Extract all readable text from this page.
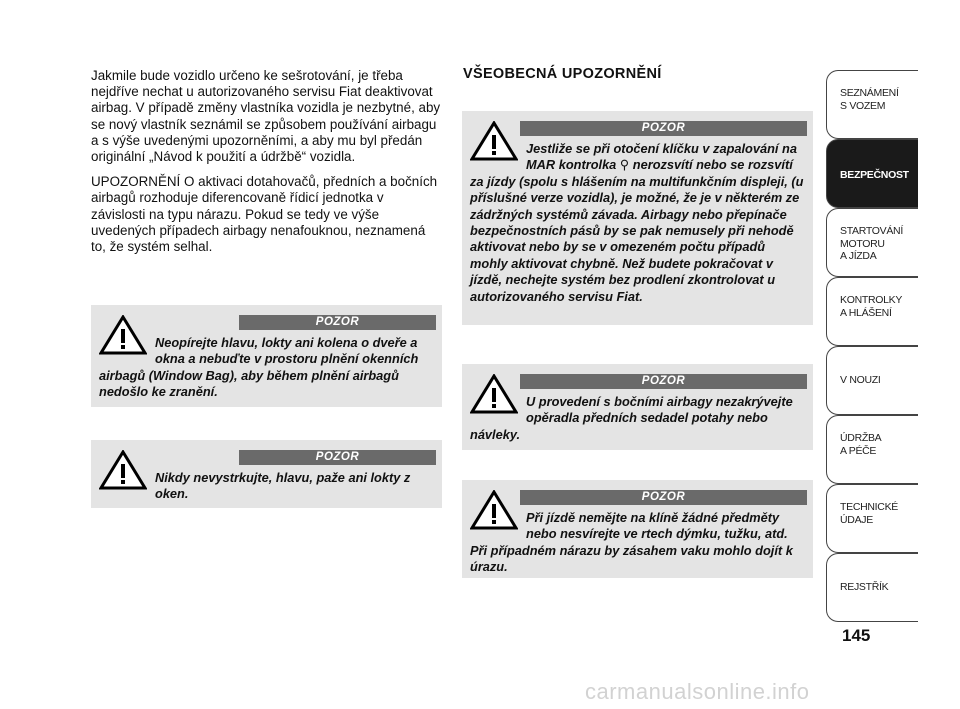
Jakmile bude vozidlo určeno ke sešrotování, je třeba nejdříve nechat u autorizovaného servisu Fiat deaktivovat airbag. V případě změny vlastníka vozidla je nezbytné, aby se nový vlastník seznámil se způsobem používání airbagu a s výše uvedenými upozorněními, a aby mu byl předán originální „Návod k použití a údržbě“ vozidla.

UPOZORNĚNÍ O aktivaci dotahovačů, předních a bočních airbagů rozhoduje diferencovaně řídicí jednotka v závislosti na typu nárazu. Pokud se tedy ve výše uvedených případech airbagy nenafouknou, neznamená to, že systém selhal.

VŠEOBECNÁ UPOZORNĚNÍ
POZOR
Neopírejte hlavu, lokty ani kolena o dveře a okna a nebuďte v prostoru plnění okenních airbagů (Window Bag), aby během plnění airbagů nedošlo ke zranění.
POZOR
Nikdy nevystrkujte, hlavu, paže ani lokty z oken.
POZOR
Jestliže se při otočení klíčku v zapalování na MAR kontrolka ⚲ nerozsvítí nebo se rozsvítí za jízdy (spolu s hlášením na multifunkčním displeji, (u příslušné verze vozidla), je možné, že je v některém ze zádržných systémů závada. Airbagy nebo přepínače bezpečnostních pásů by se pak nemusely při nehodě aktivovat nebo by se v omezeném počtu případů mohly aktivovat chybně. Než budete pokračovat v jízdě, nechejte systém bez prodlení zkontrolovat u autorizovaného servisu Fiat.
POZOR
U provedení s bočními airbagy nezakrývejte opěradla předních sedadel potahy nebo návleky.
POZOR
Při jízdě nemějte na klíně žádné předměty nebo nesvírejte ve rtech dýmku, tužku, atd. Při případném nárazu by zásahem vaku mohlo dojít k úrazu.
SEZNÁMENÍ
S VOZEM
BEZPEČNOST
STARTOVÁNÍ
MOTORU
A JÍZDA
KONTROLKY
A HLÁŠENÍ
V NOUZI
ÚDRŽBA
A PÉČE
TECHNICKÉ
ÚDAJE
REJSTŘÍK

145

carmanualsonline.info
